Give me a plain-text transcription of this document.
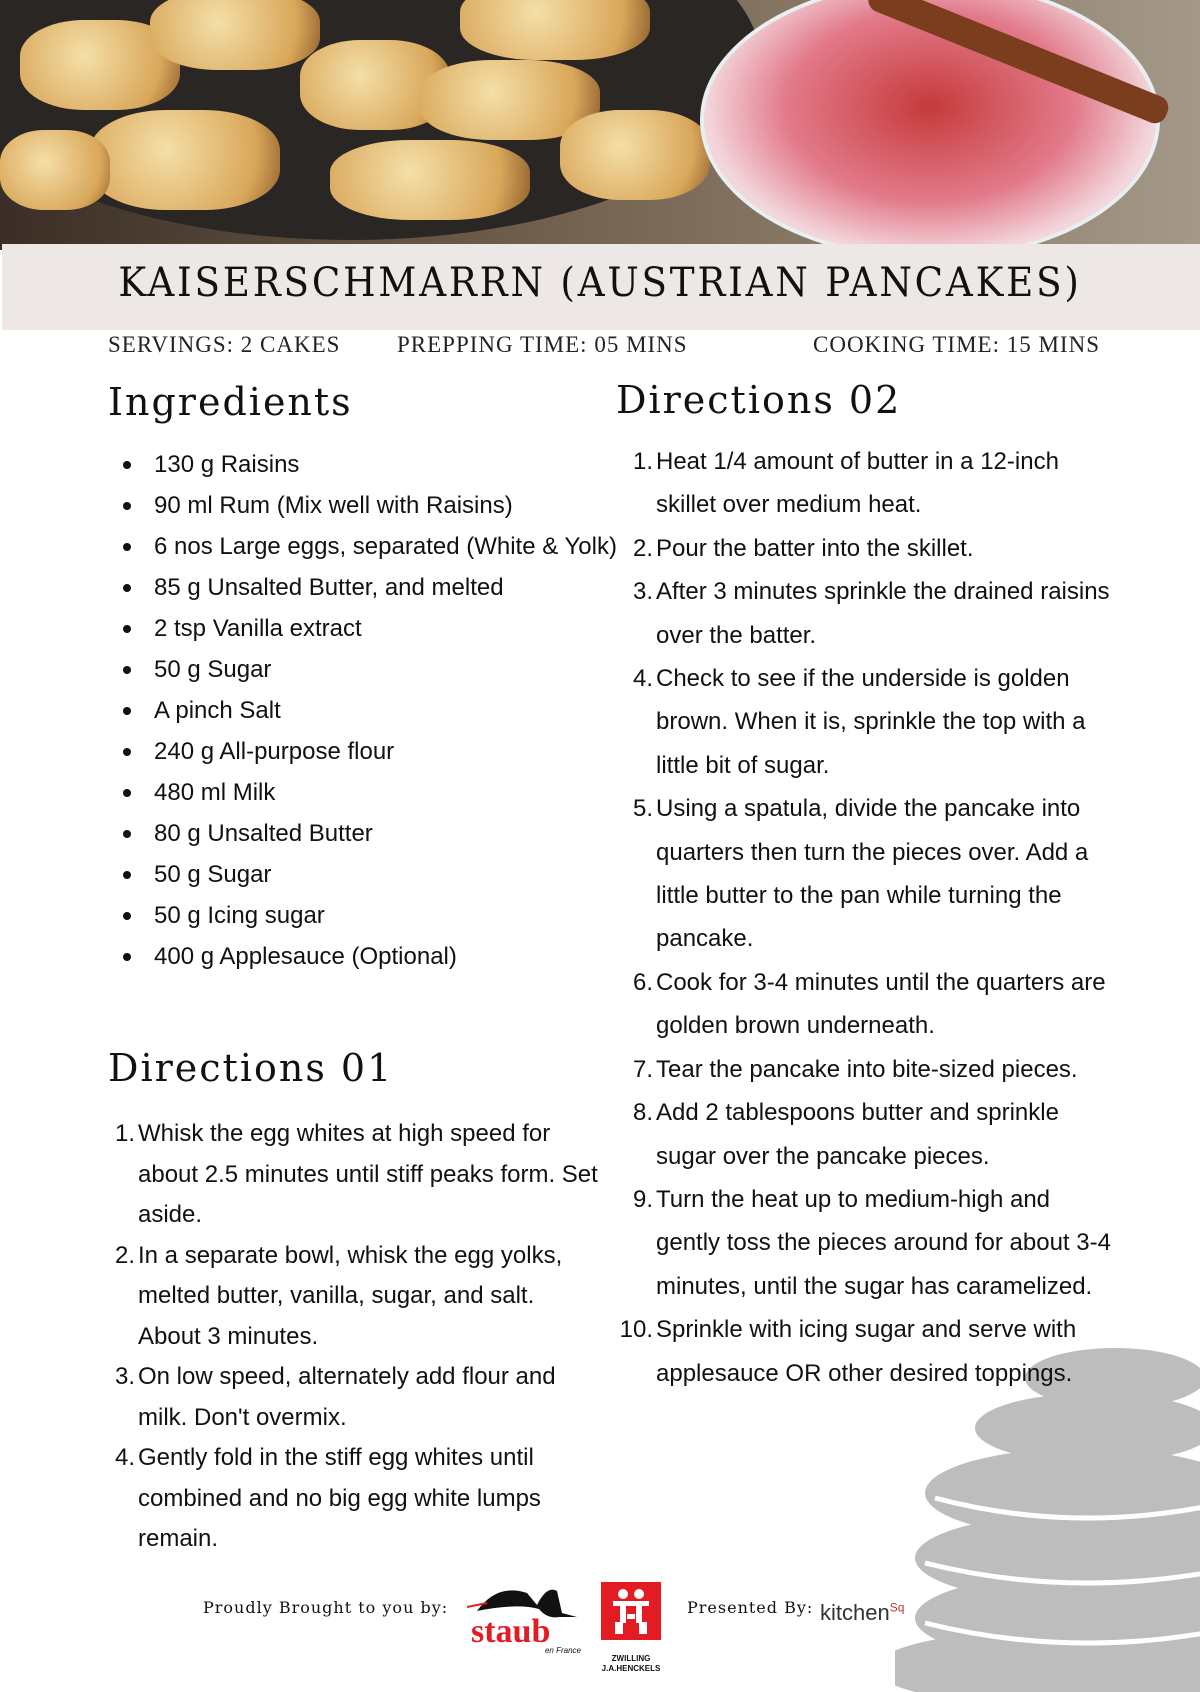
KAISERSCHMARRN (AUSTRIAN PANCAKES)
SERVINGS: 2 CAKES PREPPING TIME: 05 MINS	COOKING TIME: 15 MINS
Ingredients
130 g Raisins
90 ml Rum (Mix well with Raisins)
6 nos Large eggs, separated (White & Yolk)
85 g Unsalted Butter, and melted
2 tsp Vanilla extract
50 g Sugar
A pinch Salt
240 g All-purpose flour
480 ml Milk
80 g Unsalted Butter
50 g Sugar
50 g Icing sugar
400 g Applesauce (Optional)
Directions 01
1. Whisk the egg whites at high speed for about 2.5 minutes until stiff peaks form. Set aside.
2. In a separate bowl, whisk the egg yolks, melted butter, vanilla, sugar, and salt. About 3 minutes.
3. On low speed, alternately add flour and milk. Don't overmix.
4. Gently fold in the stiff egg whites until combined and no big egg white lumps remain.
Directions 02
1. Heat 1/4 amount of butter in a 12-inch skillet over medium heat.
2. Pour the batter into the skillet.
3. After 3 minutes sprinkle the drained raisins over the batter.
4. Check to see if the underside is golden brown. When it is, sprinkle the top with a little bit of sugar.
5. Using a spatula, divide the pancake into quarters then turn the pieces over. Add a little butter to the pan while turning the pancake.
6. Cook for 3-4 minutes until the quarters are golden brown underneath.
7. Tear the pancake into bite-sized pieces.
8. Add 2 tablespoons butter and sprinkle sugar over the pancake pieces.
9. Turn the heat up to medium-high and gently toss the pieces around for about 3-4 minutes, until the sugar has caramelized.
10. Sprinkle with icing sugar and serve with applesauce OR other desired toppings.
Proudly Brought to you by:
staub
en France
ZWILLING J.A.HENCKELS
Presented By: kitchen$^{Sq}$
